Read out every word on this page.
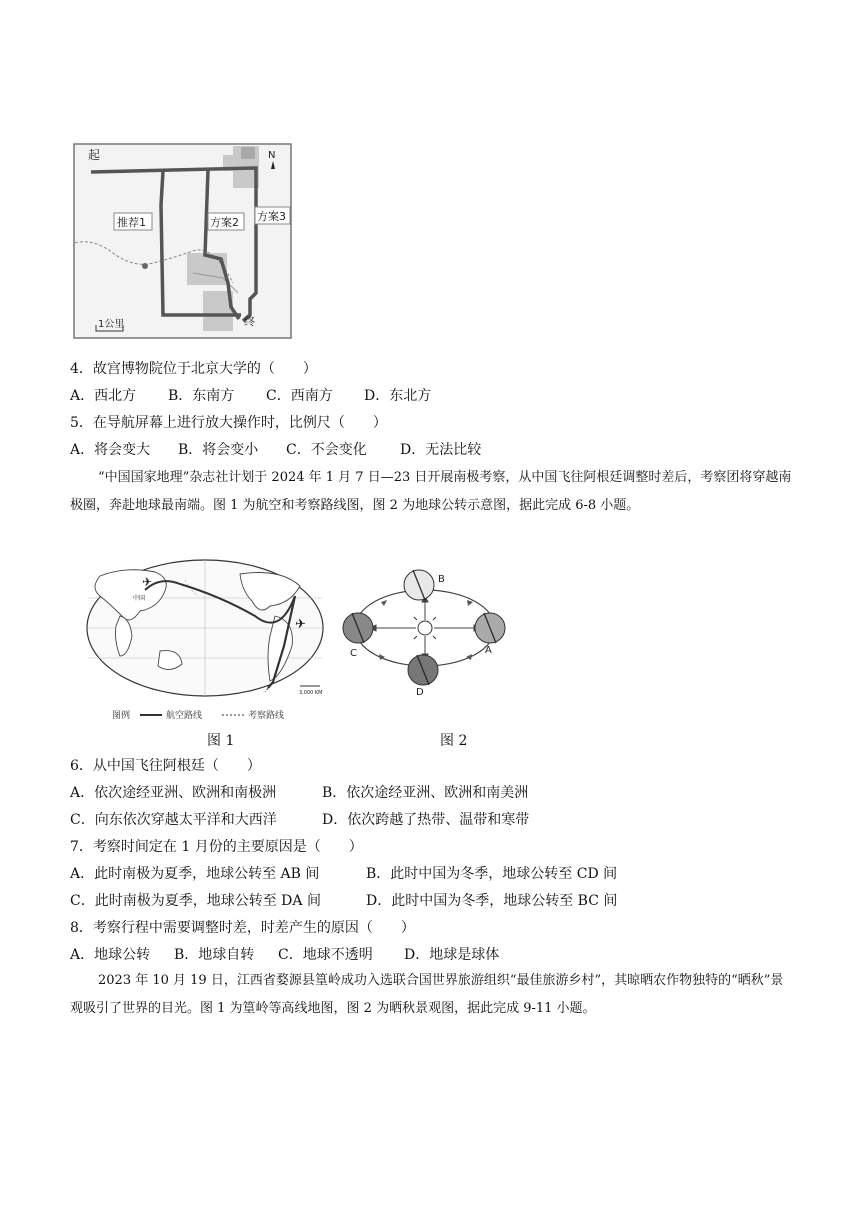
起
终
N
推荐1	方案2 方案3
1公里
4．故宫博物院位于北京大学的（　　）
A．西北方 B．东南方 C．西南方 D．东北方
5．在导航屏幕上进行放大操作时，比例尺（　　）
A．将会变大 B．将会变小 C．不会变化 D．无法比较
“中国国家地理”杂志社计划于 2024 年 1 月 7 日—23 日开展南极考察，从中国飞往阿根廷调整时差后，考察团将穿越南极圈，奔赴地球最南端。图 1 为航空和考察路线图，图 2 为地球公转示意图，据此完成 6-8 小题。
✈
✈
中国
3,000 KM
图例	航空路线	考察路线
A
B
C
D
图 1	图 2
6．从中国飞往阿根廷（　　）
A．依次途经亚洲、欧洲和南极洲	B．依次途经亚洲、欧洲和南美洲
C．向东依次穿越太平洋和大西洋	D．依次跨越了热带、温带和寒带
7．考察时间定在 1 月份的主要原因是（　　）
A．此时南极为夏季，地球公转至 AB 间	B．此时中国为冬季，地球公转至 CD 间
C．此时南极为夏季，地球公转至 DA 间	D．此时中国为冬季，地球公转至 BC 间
8．考察行程中需要调整时差，时差产生的原因（　　）
A．地球公转 B．地球自转 C．地球不透明 D．地球是球体
2023 年 10 月 19 日，江西省婺源县篁岭成功入选联合国世界旅游组织“最佳旅游乡村”，其晾晒农作物独特的“晒秋”景观吸引了世界的目光。图 1 为篁岭等高线地图，图 2 为晒秋景观图，据此完成 9-11 小题。
